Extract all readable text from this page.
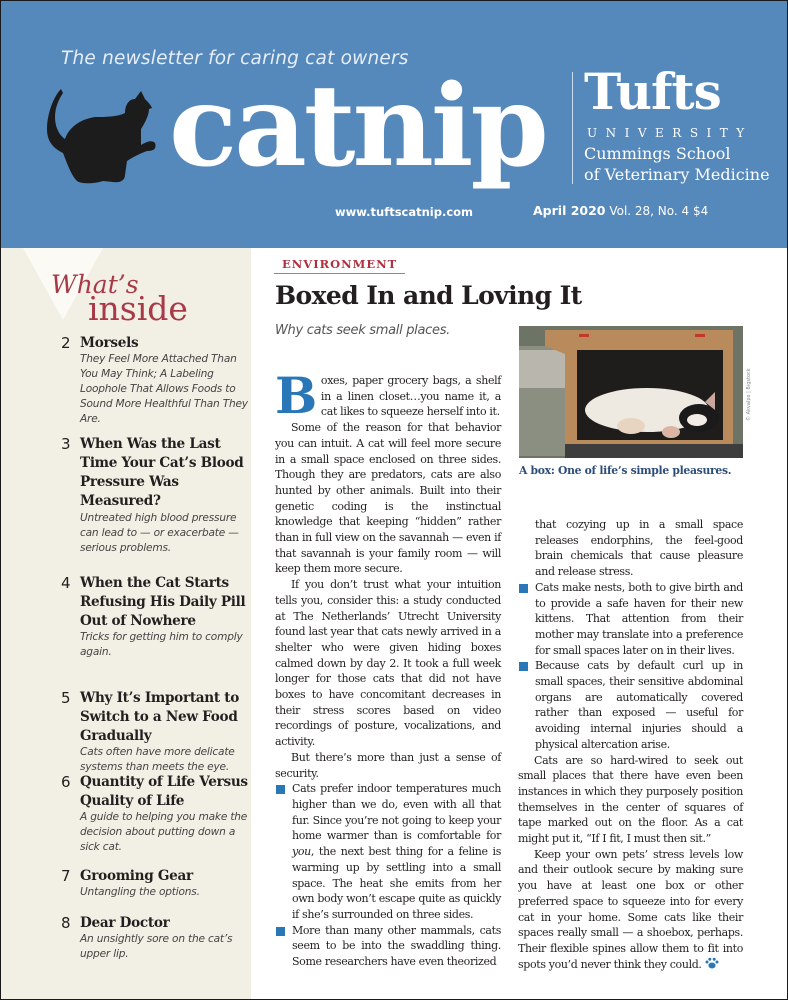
The newsletter for caring cat owners
catnip Tufts
UNIVERSITY
Cummings School
of Veterinary Medicine
www.tuftscatnip.com	April 2020 Vol. 28, No. 4 $4
What’s
inside
2 Morsels
They Feel More Attached Than You May Think; A Labeling Loophole That Allows Foods to Sound More Healthful Than They Are.
3 When Was the Last Time Your Cat’s Blood Pressure Was Measured?
Untreated high blood pressure can lead to — or exacerbate — serious problems.
4 When the Cat Starts Refusing His Daily Pill Out of Nowhere
Tricks for getting him to comply again.
5 Why It’s Important to Switch to a New Food Gradually
Cats often have more delicate systems than meets the eye.
6 Quantity of Life Versus Quality of Life
A guide to helping you make the decision about putting down a sick cat.
7 Grooming Gear
Untangling the options.
8 Dear Doctor
An unsightly sore on the cat’s upper lip.
ENVIRONMENT
Boxed In and Loving It
Why cats seek small places.
© Akvalpo | Bigstock
A box: One of life’s simple pleasures.

Boxes, paper grocery bags, a shelf in a linen closet…you name it, a cat likes to squeeze herself into it.

Some of the reason for that behavior you can intuit. A cat will feel more secure in a small space enclosed on three sides. Though they are predators, cats are also hunted by other animals. Built into their genetic coding is the instinctual knowledge that keeping “hidden” rather than in full view on the savannah — even if that savannah is your family room — will keep them more secure.

If you don’t trust what your intuition tells you, consider this: a study conducted at The Netherlands’ Utrecht University found last year that cats newly arrived in a shelter who were given hiding boxes calmed down by day 2. It took a full week longer for those cats that did not have boxes to have concomitant decreases in their stress scores based on video recordings of posture, vocalizations, and activity.

But there’s more than just a sense of security.

Cats prefer indoor temperatures much higher than we do, even with all that fur. Since you’re not going to keep your home warmer than is comfortable for you, the next best thing for a feline is warming up by settling into a small space. The heat she emits from her own body won’t escape quite as quickly if she’s surrounded on three sides.

More than many other mammals, cats seem to be into the swaddling thing. Some researchers have even theorized

that cozying up in a small space releases endorphins, the feel-good brain chemicals that cause pleasure and release stress.

Cats make nests, both to give birth and to provide a safe haven for their new kittens. That attention from their mother may translate into a preference for small spaces later on in their lives.

Because cats by default curl up in small spaces, their sensitive abdominal organs are automatically covered rather than exposed — useful for avoiding internal injuries should a physical altercation arise.

Cats are so hard-wired to seek out small places that there have even been instances in which they purposely position themselves in the center of squares of tape marked out on the floor. As a cat might put it, “If I fit, I must then sit.”

Keep your own pets’ stress levels low and their outlook secure by making sure you have at least one box or other preferred space to squeeze into for every cat in your home. Some cats like their spaces really small — a shoebox, perhaps. Their flexible spines allow them to fit into spots you’d never think they could.
